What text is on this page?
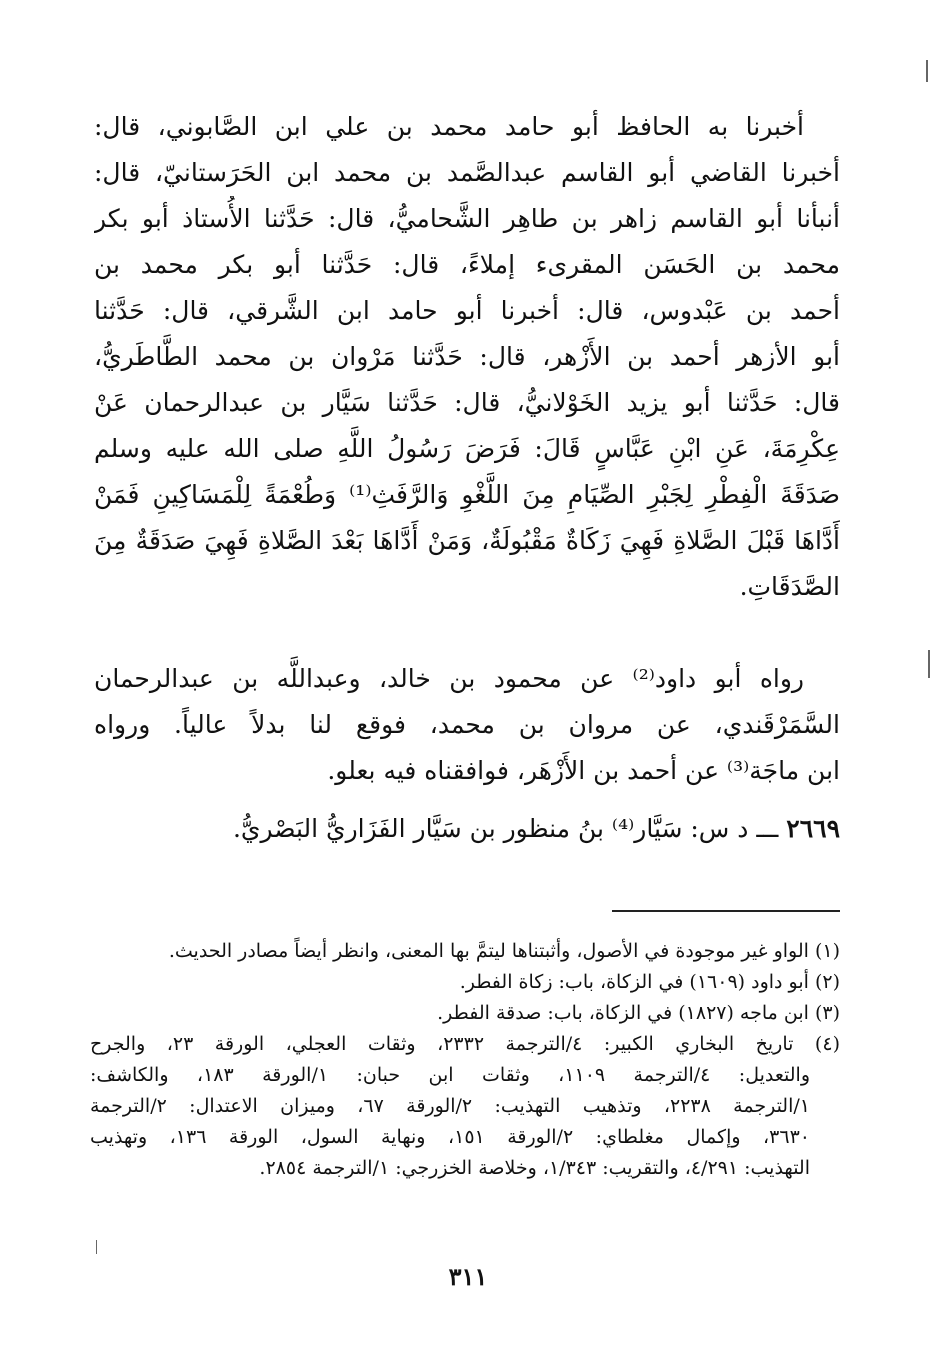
أخبرنا به الحافظ أبو حامد محمد بن علي ابن الصَّابوني، قال:
أخبرنا القاضي أبو القاسم عبدالصَّمد بن محمد ابن الحَرَستانيّ، قال:
أنبأنا أبو القاسم زاهر بن طاهِر الشَّحاميُّ، قال: حَدَّثنا الأُستاذ أبو بكر
محمد بن الحَسَن المقرىء إملاءً، قال: حَدَّثنا أبو بكر محمد بن
أحمد بن عَبْدوس، قال: أخبرنا أبو حامد ابن الشَّرقي، قال: حَدَّثنا
أبو الأزهر أحمد بن الأَزْهر، قال: حَدَّثنا مَرْوان بن محمد الطَّاطَريُّ،
قال: حَدَّثنا أبو يزيد الخَوْلانيُّ، قال: حَدَّثنا سَيَّار بن عبدالرحمان عَنْ
عِكْرِمَةَ، عَنِ ابْنِ عَبَّاسٍ قَالَ: فَرَضَ رَسُولُ اللَّهِ صلى الله عليه وسلم
صَدَقَةَ الْفِطْرِ لِجَبْرِ الصِّيَامِ مِنَ اللَّغْوِ وَالرَّفَثِ⁽¹⁾ وَطُعْمَةً لِلْمَسَاكِينِ فَمَنْ
أَدَّاهَا قَبْلَ الصَّلاةِ فَهِيَ زَكَاةٌ مَقْبُولَةٌ، وَمَنْ أَدَّاهَا بَعْدَ الصَّلاةِ فَهِيَ صَدَقَةٌ مِنَ
الصَّدَقَاتِ.
رواه أبو داود⁽²⁾ عن محمود بن خالد، وعبداللَّه بن عبدالرحمان
السَّمَرْقَندي، عن مروان بن محمد، فوقع لنا بدلاً عالياً. ورواه
ابن ماجَة⁽³⁾ عن أحمد بن الأَزْهَر، فوافقناه فيه بعلو.
٢٦٦٩ ـــ د س: سَيَّار⁽⁴⁾ بنُ منظور بن سَيَّار الفَزَاريُّ البَصْريُّ.
(١) الواو غير موجودة في الأصول، وأثبتناها ليتمَّ بها المعنى، وانظر أيضاً مصادر الحديث.
(٢) أبو داود (١٦٠٩) في الزكاة، باب: زكاة الفطر.
(٣) ابن ماجه (١٨٢٧) في الزكاة، باب: صدقة الفطر.
(٤) تاريخ البخاري الكبير: ٤/الترجمة ٢٣٣٢، وثقات العجلي، الورقة ٢٣، والجرح
والتعديل: ٤/الترجمة ١١٠٩، وثقات ابن حبان: ١/الورقة ١٨٣، والكاشف:
١/الترجمة ٢٢٣٨، وتذهيب التهذيب: ٢/الورقة ٦٧، وميزان الاعتدال: ٢/الترجمة
٣٦٣٠، وإكمال مغلطاي: ٢/الورقة ١٥١، ونهاية السول، الورقة ١٣٦، وتهذيب
التهذيب: ٤/٢٩١، والتقريب: ١/٣٤٣، وخلاصة الخزرجي: ١/الترجمة ٢٨٥٤.
٣١١
